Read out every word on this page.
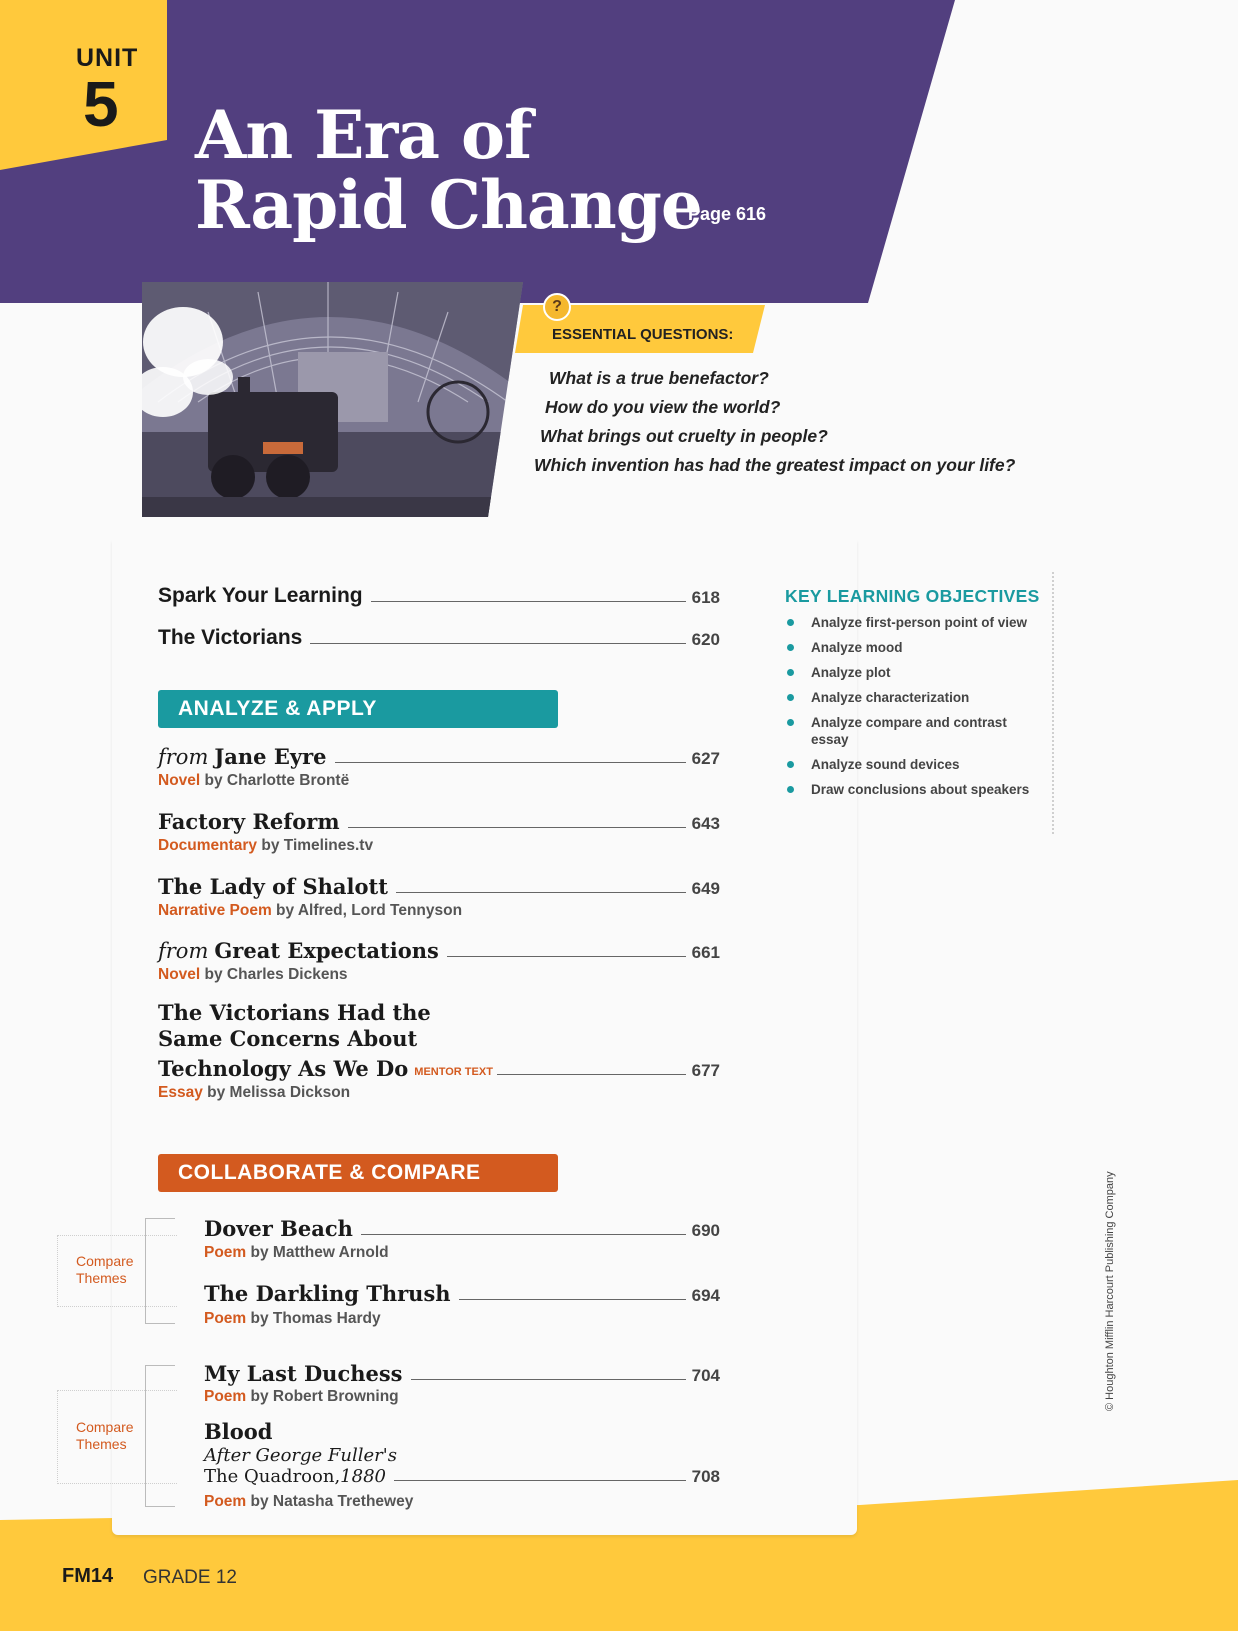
UNIT
5 An Era of
Rapid Change
Page 616
?
ESSENTIAL QUESTIONS:
What is a true benefactor?
How do you view the world?
What brings out cruelty in people?
Which invention has had the greatest impact on your life?
Spark Your Learning	618
The Victorians	620
ANALYZE & APPLY
from Jane Eyre	627
Novel by Charlotte Brontë
Factory Reform	643
Documentary by Timelines.tv
The Lady of Shalott	649
Narrative Poem by Alfred, Lord Tennyson
from Great Expectations	661
Novel by Charles Dickens
The Victorians Had the
Same Concerns About
Technology As We Do MENTOR TEXT	677
Essay by Melissa Dickson
COLLABORATE & COMPARE
Compare
Themes
Dover Beach	690
Poem by Matthew Arnold
The Darkling Thrush	694
Poem by Thomas Hardy
Compare
Themes
My Last Duchess	704
Poem by Robert Browning
Blood
After George Fuller's
The Quadroon, 1880	708
Poem by Natasha Trethewey
KEY LEARNING OBJECTIVES
Analyze first-person point of view
Analyze mood
Analyze plot
Analyze characterization
Analyze compare and contrast essay
Analyze sound devices
Draw conclusions about speakers
© Houghton Mifflin Harcourt Publishing Company
FM14 GRADE 12
